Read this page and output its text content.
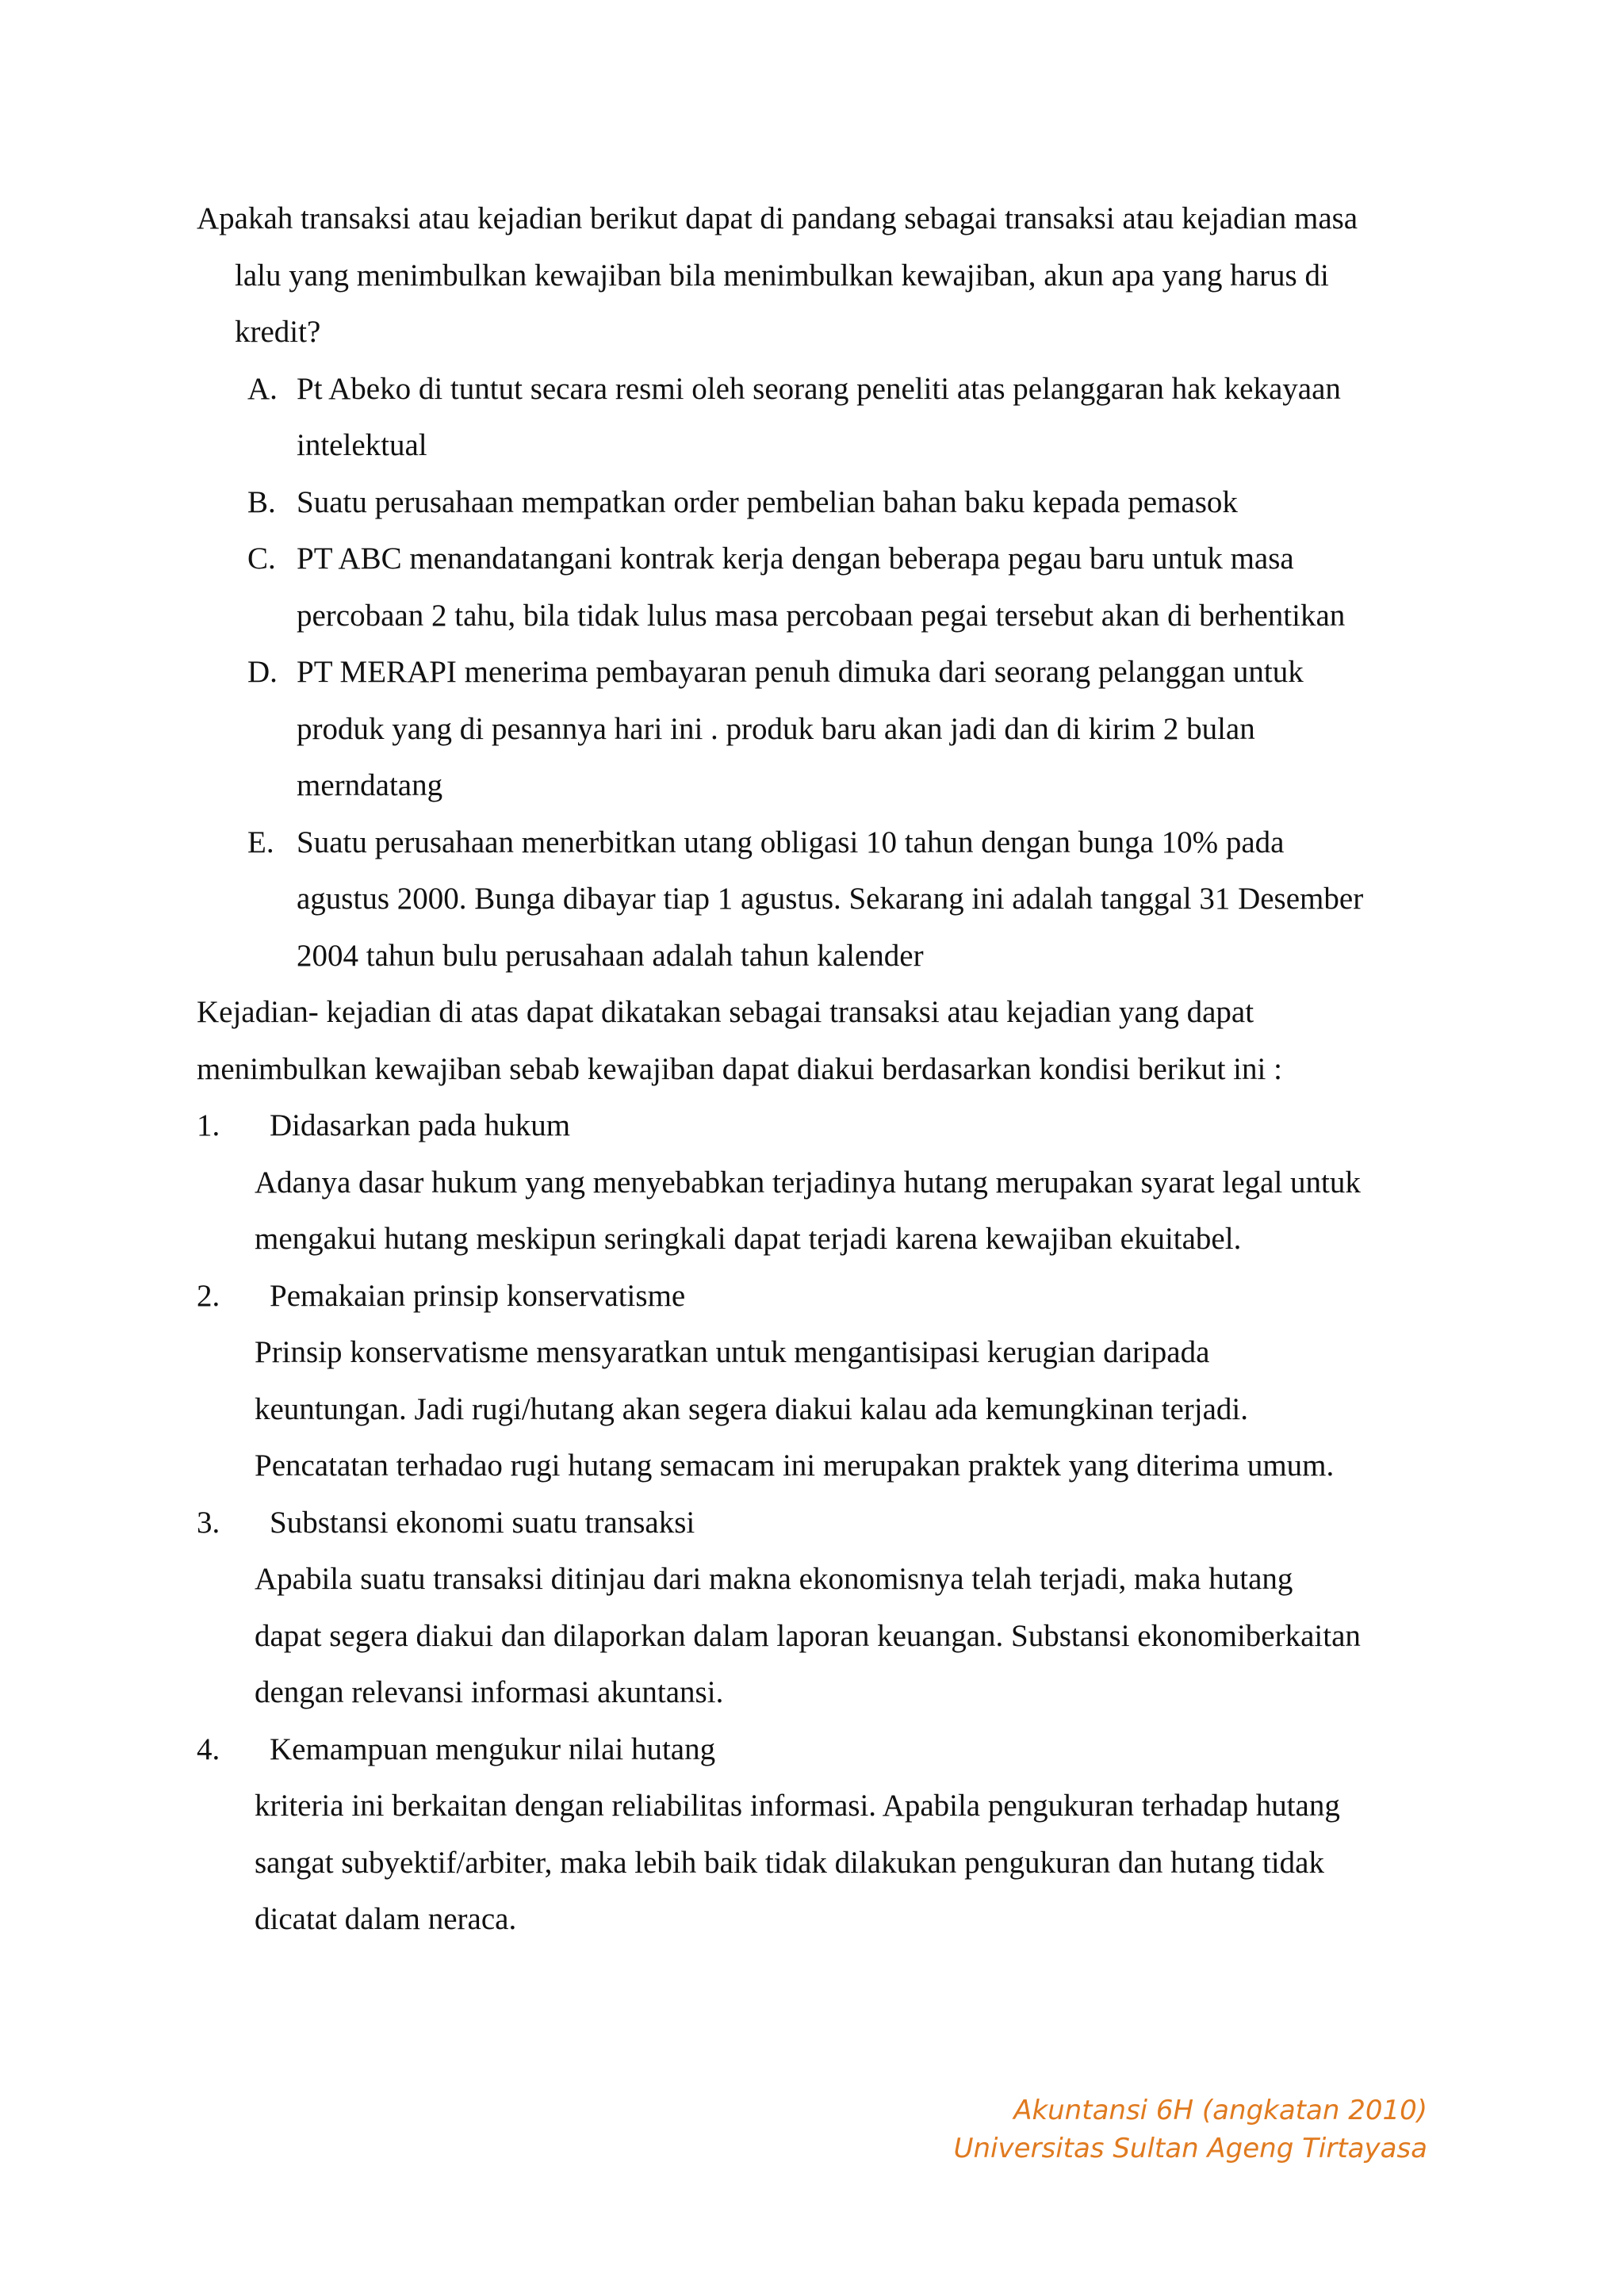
Apakah transaksi atau kejadian berikut dapat di pandang sebagai transaksi atau kejadian masa
lalu yang menimbulkan kewajiban bila menimbulkan kewajiban, akun apa yang harus di
kredit?
A. Pt Abeko di tuntut secara resmi oleh seorang peneliti atas pelanggaran hak kekayaan
intelektual
B. Suatu perusahaan mempatkan order pembelian bahan baku kepada pemasok
C. PT ABC menandatangani kontrak kerja dengan beberapa pegau baru untuk masa
percobaan 2 tahu, bila tidak lulus masa percobaan pegai tersebut akan di berhentikan
D. PT MERAPI menerima pembayaran penuh dimuka dari seorang pelanggan untuk
produk yang di pesannya hari ini . produk baru akan jadi dan di kirim 2 bulan
merndatang
E. Suatu perusahaan menerbitkan utang obligasi 10 tahun dengan bunga 10% pada
agustus 2000. Bunga dibayar tiap 1 agustus. Sekarang ini adalah tanggal 31 Desember
2004 tahun bulu perusahaan adalah tahun kalender
Kejadian- kejadian di atas dapat dikatakan sebagai transaksi atau kejadian yang dapat
menimbulkan kewajiban sebab kewajiban dapat diakui berdasarkan kondisi berikut ini :
1.	Didasarkan pada hukum
Adanya dasar hukum yang menyebabkan terjadinya hutang merupakan syarat legal untuk
mengakui hutang meskipun seringkali dapat terjadi karena kewajiban ekuitabel.
2.	Pemakaian prinsip konservatisme
Prinsip konservatisme mensyaratkan untuk mengantisipasi kerugian daripada
keuntungan. Jadi rugi/hutang akan segera diakui kalau ada kemungkinan terjadi.
Pencatatan terhadao rugi hutang semacam ini merupakan praktek yang diterima umum.
3.	Substansi ekonomi suatu transaksi
Apabila suatu transaksi ditinjau dari makna ekonomisnya telah terjadi, maka hutang
dapat segera diakui dan dilaporkan dalam laporan keuangan. Substansi ekonomiberkaitan
dengan relevansi informasi akuntansi.
4.	Kemampuan mengukur nilai hutang
kriteria ini berkaitan dengan reliabilitas informasi. Apabila pengukuran terhadap hutang
sangat subyektif/arbiter, maka lebih baik tidak dilakukan pengukuran dan hutang tidak
dicatat dalam neraca.
Akuntansi 6H (angkatan 2010)
Universitas Sultan Ageng Tirtayasa
